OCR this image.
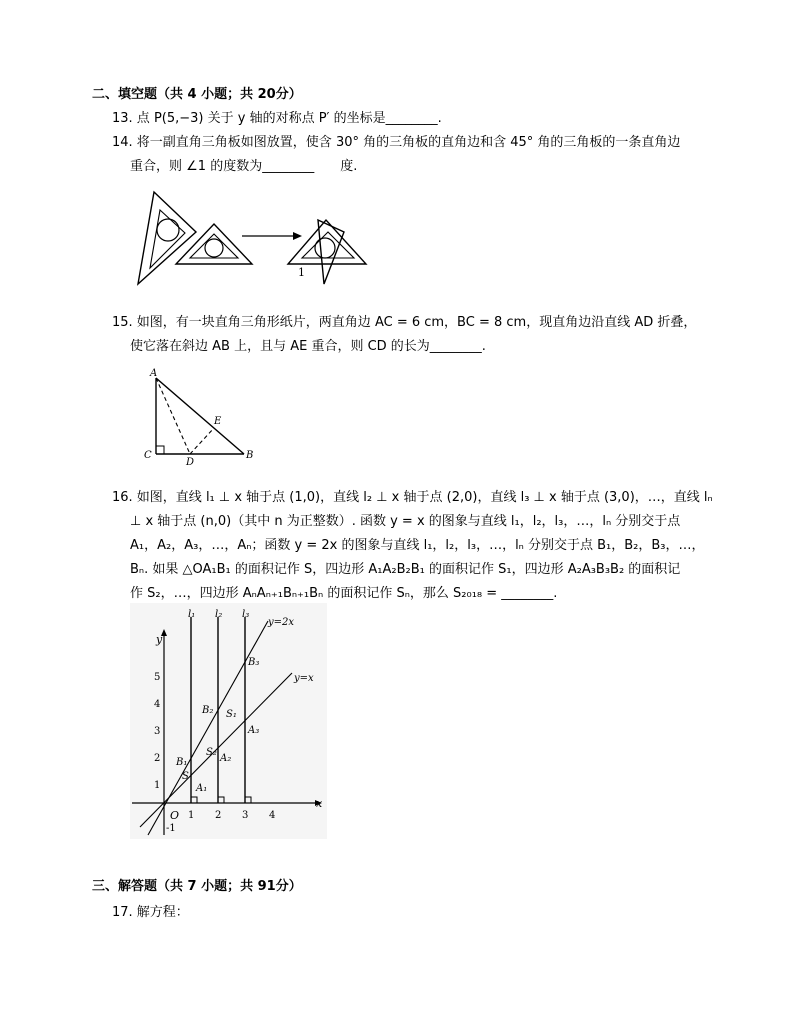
二、填空题（共 4 小题；共 20分）
13. 点 P(5,−3) 关于 y 轴的对称点 P′ 的坐标是________.
14. 将一副直角三角板如图放置，使含 30° 角的三角板的直角边和含 45° 角的三角板的一条直角边
重合，则 ∠1 的度数为________　　度.
1
15. 如图，有一块直角三角形纸片，两直角边 AC = 6 cm，BC = 8 cm，现直角边沿直线 AD 折叠，
使它落在斜边 AB 上，且与 AE 重合，则 CD 的长为________.
A
C
D
B
E
16. 如图，直线 l₁ ⊥ x 轴于点 (1,0)，直线 l₂ ⊥ x 轴于点 (2,0)，直线 l₃ ⊥ x 轴于点 (3,0)，…，直线 lₙ
⊥ x 轴于点 (n,0)（其中 n 为正整数）. 函数 y = x 的图象与直线 l₁，l₂，l₃，…，lₙ 分别交于点
A₁，A₂，A₃，…，Aₙ；函数 y = 2x 的图象与直线 l₁，l₂，l₃，…，lₙ 分别交于点 B₁，B₂，B₃，…，
Bₙ. 如果 △OA₁B₁ 的面积记作 S，四边形 A₁A₂B₂B₁ 的面积记作 S₁，四边形 A₂A₃B₃B₂ 的面积记
作 S₂，…，四边形 AₙAₙ₊₁Bₙ₊₁Bₙ 的面积记作 Sₙ，那么 S₂₀₁₈ = ________.
1 2 3 4
1
2
3
4
5
-1
O
x
y
l₁ l₂ l₃
y=2x
y=x
A₁
A₂
A₃
B₁
B₂
B₃
S
S₂
S₁
三、解答题（共 7 小题；共 91分）
17. 解方程：
